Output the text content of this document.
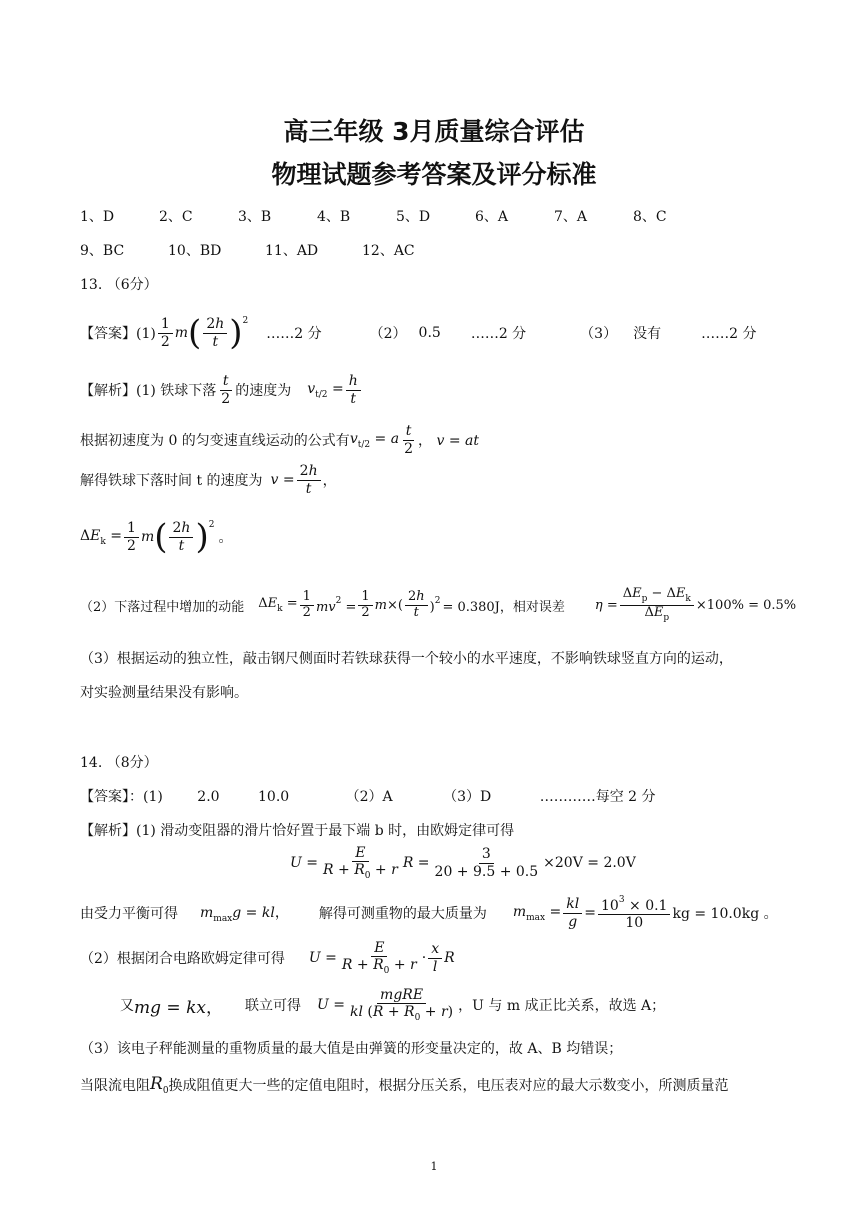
高三年级 3月质量综合评估
物理试题参考答案及评分标准
1、D	2、C	3、B	4、B	5、D	6、A	7、A	8、C
9、BC	10、BD	11、AD	12、AC
13. （6分）
【答案】$(1) \frac{1}{2}$ m ( $\frac{2h}{t}$ ) 2
……2 分	（2） 0.5 ……2 分	（3） 没有	……2 分
【解析】(1) 铁球下落 $\frac{t}{2}$ 的速度为 $v_{t/2} = \frac{h}{t}$
根据初速度为 0 的匀变速直线运动的公式有 $v_{t/2} = a \frac{t}{2}$ ， v = at
解得铁球下落时间 t 的速度为 $v = \frac{2h}{t}$ ，
$\Delta E_k = \frac{1}{2}$ m ( $\frac{2h}{t}$ ) 2
。
（2）下落过程中增加的动能 $\Delta E_k = \frac{1}{2} mv^2 = \frac{1}{2} m\times( \frac{2h}{t} )^2 = 0.380J$，相对误差 $\eta = \frac{\Delta E_p - \Delta E_k}{\Delta E_p} \times 100\% = 0.5\%$
（3）根据运动的独立性，敲击钢尺侧面时若铁球获得一个较小的水平速度，不影响铁球竖直方向的运动，
对实验测量结果没有影响。
14. （8分）
【答案】：(1) 2.0	10.0	（2）A	（3）D	…………每空 2 分
【解析】(1) 滑动变阻器的滑片恰好置于最下端 b 时，由欧姆定律可得
$U = \frac{E}{R + R_0 + r}$ $R = \frac{3}{20 + 9.5 + 0.5} \times 20V = 2.0V$
由受力平衡可得 $m_{max}g$ = kl， 解得可测重物的最大质量为 $m_{max} = \frac{kl}{g} = \frac{10^3 \times 0.1}{10}$ kg = 10.0kg 。
（2）根据闭合电路欧姆定律可得 $U = \frac{E}{R + R_0 + r} \cdot \frac{x}{l}$ R
又 mg = kx， 联立可得 $U = \frac{\text{mgRE}}{kl (R + R_0 + r)}$ ，U 与 m 成正比关系，故选 A；
（3）该电子秤能测量的重物质量的最大值是由弹簧的形变量决定的，故 A、B 均错误；
当限流电阻 $R_0$ 换成阻值更大一些的定值电阻时，根据分压关系，电压表对应的最大示数变小，所测质量范
1
